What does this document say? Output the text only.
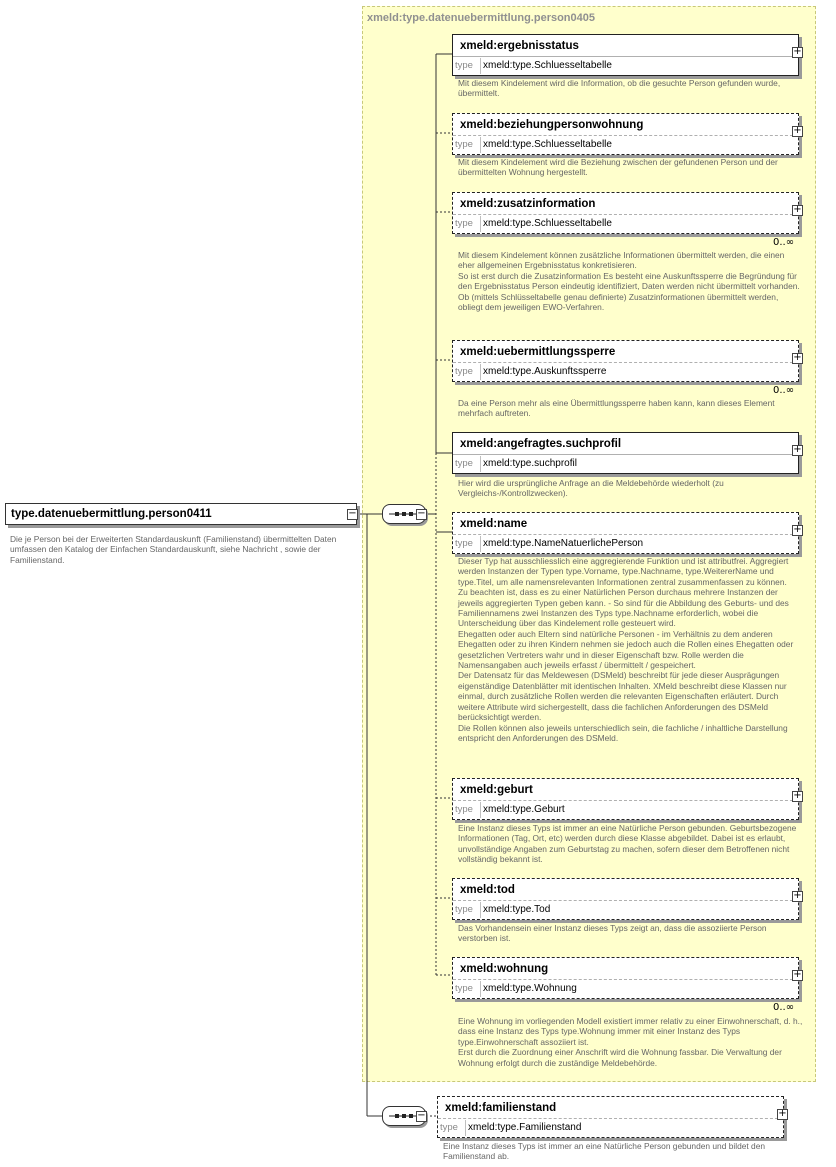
xmeld:type.datenuebermittlung.person0405
type.datenuebermittlung.person0411	−
Die je Person bei der Erweiterten Standardauskunft (Familienstand) übermittelten Daten umfassen den Katalog der Einfachen Standardauskunft, siehe Nachricht , sowie der Familienstand.
−
−
xmeld:ergebnisstatus
type	xmeld:type.Schluesseltabelle
+
Mit diesem Kindelement wird die Information, ob die gesuchte Person gefunden wurde, übermittelt.
xmeld:beziehungpersonwohnung
type	xmeld:type.Schluesseltabelle
+
Mit diesem Kindelement wird die Beziehung zwischen der gefundenen Person und der übermittelten Wohnung hergestellt.
xmeld:zusatzinformation
type	xmeld:type.Schluesseltabelle
+
0..∞
Mit diesem Kindelement können zusätzliche Informationen übermittelt werden, die einen eher allgemeinen Ergebnisstatus konkretisieren.
So ist erst durch die Zusatzinformation Es besteht eine Auskunftssperre die Begründung für den Ergebnisstatus Person eindeutig identifiziert, Daten werden nicht übermittelt vorhanden.
Ob (mittels Schlüsseltabelle genau definierte) Zusatzinformationen übermittelt werden, obliegt dem jeweiligen EWO-Verfahren.
xmeld:uebermittlungssperre
type	xmeld:type.Auskunftssperre
+
0..∞
Da eine Person mehr als eine Übermittlungssperre haben kann, kann dieses Element mehrfach auftreten.
xmeld:angefragtes.suchprofil
type	xmeld:type.suchprofil
+
Hier wird die ursprüngliche Anfrage an die Meldebehörde wiederholt (zu Vergleichs-/Kontrollzwecken).
xmeld:name
type	xmeld:type.NameNatuerlichePerson
+
Dieser Typ hat ausschliesslich eine aggregierende Funktion und ist attributfrei. Aggregiert werden Instanzen der Typen type.Vorname, type.Nachname, type.WeitererName und type.Titel, um alle namensrelevanten Informationen zentral zusammenfassen zu können.
Zu beachten ist, dass es zu einer Natürlichen Person durchaus mehrere Instanzen der jeweils aggregierten Typen geben kann. - So sind für die Abbildung des Geburts- und des Familiennamens zwei Instanzen des Typs type.Nachname erforderlich, wobei die Unterscheidung über das Kindelement rolle gesteuert wird.
Ehegatten oder auch Eltern sind natürliche Personen - im Verhältnis zu dem anderen Ehegatten oder zu ihren Kindern nehmen sie jedoch auch die Rollen eines Ehegatten oder gesetzlichen Vertreters wahr und in dieser Eigenschaft bzw. Rolle werden die Namensangaben auch jeweils erfasst / übermittelt / gespeichert.
Der Datensatz für das Meldewesen (DSMeld) beschreibt für jede dieser Ausprägungen eigenständige Datenblätter mit identischen Inhalten. XMeld beschreibt diese Klassen nur einmal, durch zusätzliche Rollen werden die relevanten Eigenschaften erläutert. Durch weitere Attribute wird sichergestellt, dass die fachlichen Anforderungen des DSMeld berücksichtigt werden.
Die Rollen können also jeweils unterschiedlich sein, die fachliche / inhaltliche Darstellung entspricht den Anforderungen des DSMeld.
xmeld:geburt
type	xmeld:type.Geburt
+
Eine Instanz dieses Typs ist immer an eine Natürliche Person gebunden. Geburtsbezogene Informationen (Tag, Ort, etc) werden durch diese Klasse abgebildet. Dabei ist es erlaubt, unvollständige Angaben zum Geburtstag zu machen, sofern dieser dem Betroffenen nicht vollständig bekannt ist.
xmeld:tod
type	xmeld:type.Tod
+
Das Vorhandensein einer Instanz dieses Typs zeigt an, dass die assoziierte Person verstorben ist.
xmeld:wohnung
type	xmeld:type.Wohnung
+
0..∞
Eine Wohnung im vorliegenden Modell existiert immer relativ zu einer Einwohnerschaft, d. h., dass eine Instanz des Typs type.Wohnung immer mit einer Instanz des Typs type.Einwohnerschaft assoziiert ist.
Erst durch die Zuordnung einer Anschrift wird die Wohnung fassbar. Die Verwaltung der Wohnung erfolgt durch die zuständige Meldebehörde.
xmeld:familienstand
type	xmeld:type.Familienstand
+
Eine Instanz dieses Typs ist immer an eine Natürliche Person gebunden und bildet den Familienstand ab.
